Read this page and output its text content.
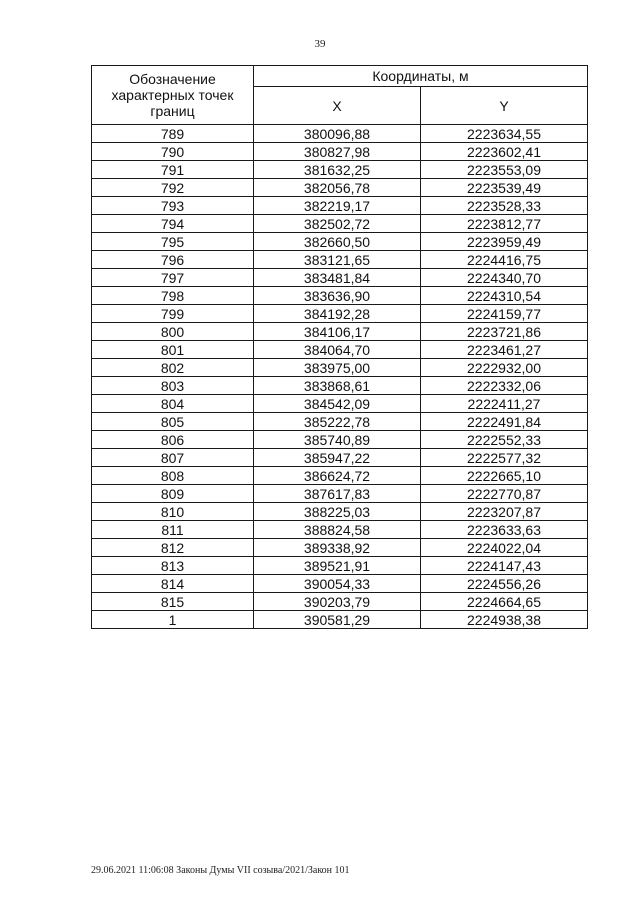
39
Обозначение характерных точек границ	Координаты, м	
	X	Y
789	380096,88	2223634,55
790	380827,98	2223602,41
791	381632,25	2223553,09
792	382056,78	2223539,49
793	382219,17	2223528,33
794	382502,72	2223812,77
795	382660,50	2223959,49
796	383121,65	2224416,75
797	383481,84	2224340,70
798	383636,90	2224310,54
799	384192,28	2224159,77
800	384106,17	2223721,86
801	384064,70	2223461,27
802	383975,00	2222932,00
803	383868,61	2222332,06
804	384542,09	2222411,27
805	385222,78	2222491,84
806	385740,89	2222552,33
807	385947,22	2222577,32
808	386624,72	2222665,10
809	387617,83	2222770,87
810	388225,03	2223207,87
811	388824,58	2223633,63
812	389338,92	2224022,04
813	389521,91	2224147,43
814	390054,33	2224556,26
815	390203,79	2224664,65
1	390581,29	2224938,38
29.06.2021 11:06:08 Законы Думы VII созыва/2021/Закон 101
